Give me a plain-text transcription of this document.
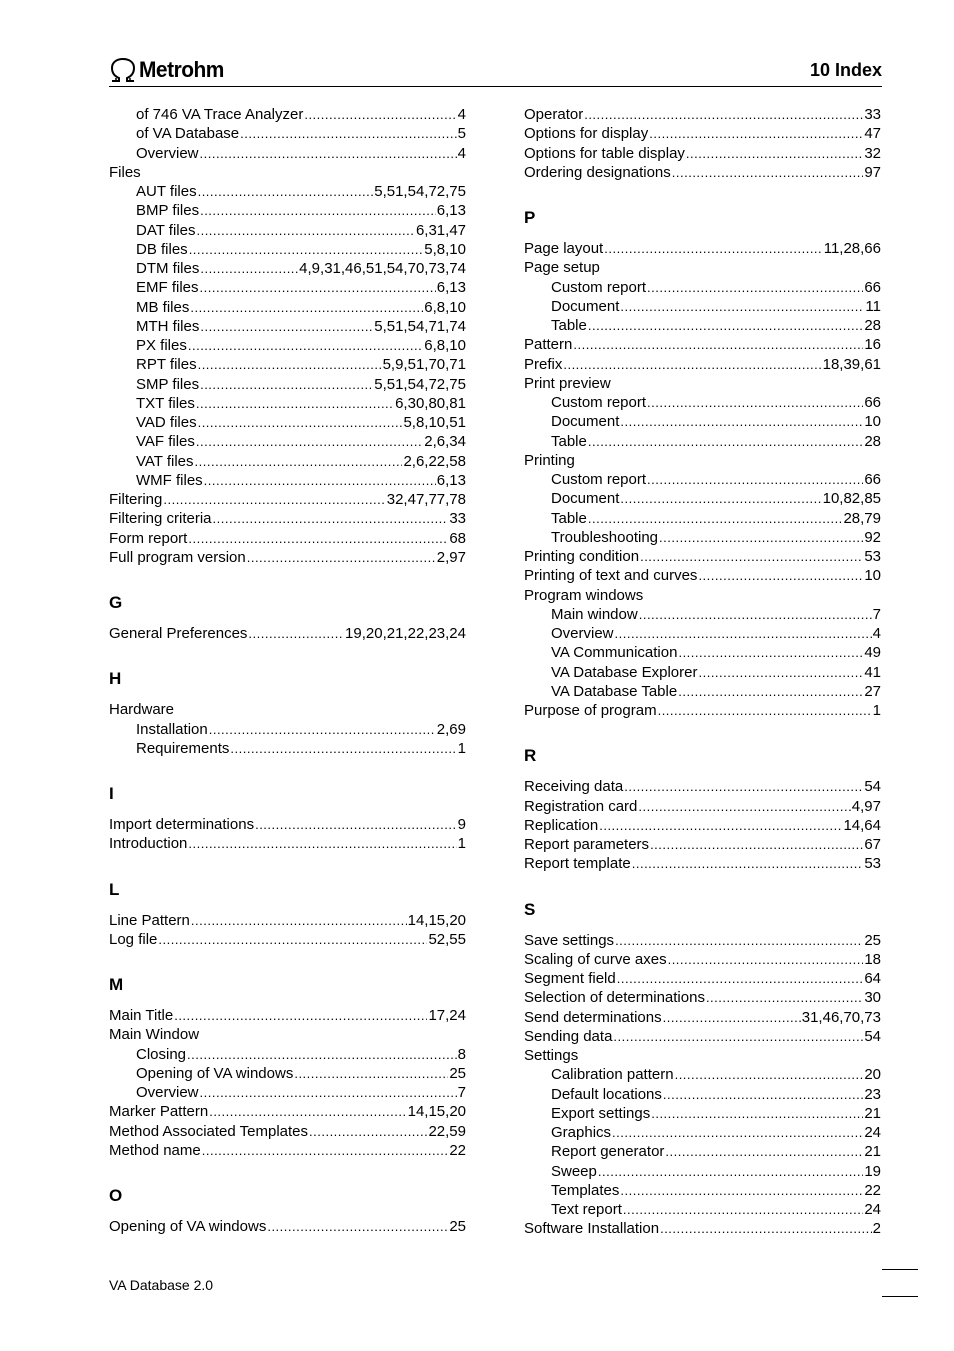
Metrohm	10 Index
of 746 VA Trace Analyzer .....	4
of VA Database .....	5
Overview .....	4
Files
AUT files .....	5,51,54,72,75
BMP files .....	6,13
DAT files .....	6,31,47
DB files .....	5,8,10
DTM files .....	4,9,31,46,51,54,70,73,74
EMF files .....	6,13
MB files .....	6,8,10
MTH files .....	5,51,54,71,74
PX files .....	6,8,10
RPT files .....	5,9,51,70,71
SMP files .....	5,51,54,72,75
TXT files .....	6,30,80,81
VAD files .....	5,8,10,51
VAF files .....	2,6,34
VAT files .....	2,6,22,58
WMF files .....	6,13
Filtering .....	32,47,77,78
Filtering criteria .....	33
Form report .....	68
Full program version .....	2,97
G
General Preferences .....	19,20,21,22,23,24
H
Hardware
Installation .....	2,69
Requirements .....	1
I
Import determinations .....	9
Introduction .....	1
L
Line Pattern .....	14,15,20
Log file .....	52,55
M
Main Title .....	17,24
Main Window
Closing .....	8
Opening of VA windows .....	25
Overview .....	7
Marker Pattern .....	14,15,20
Method Associated Templates .....	22,59
Method name .....	22
O
Opening of VA windows .....	25
Operator .....	33
Options for display .....	47
Options for table display .....	32
Ordering designations .....	97
P
Page layout .....	11,28,66
Page setup
Custom report .....	66
Document .....	11
Table .....	28
Pattern .....	16
Prefix .....	18,39,61
Print preview
Custom report .....	66
Document .....	10
Table .....	28
Printing
Custom report .....	66
Document .....	10,82,85
Table .....	28,79
Troubleshooting .....	92
Printing condition .....	53
Printing of text and curves .....	10
Program windows
Main window .....	7
Overview .....	4
VA Communication .....	49
VA Database Explorer .....	41
VA Database Table .....	27
Purpose of program .....	1
R
Receiving data .....	54
Registration card .....	4,97
Replication .....	14,64
Report parameters .....	67
Report template .....	53
S
Save settings .....	25
Scaling of curve axes .....	18
Segment field .....	64
Selection of determinations .....	30
Send determinations .....	31,46,70,73
Sending data .....	54
Settings
Calibration pattern .....	20
Default locations .....	23
Export settings .....	21
Graphics .....	24
Report generator .....	21
Sweep .....	19
Templates .....	22
Text report .....	24
Software Installation .....	2
VA Database 2.0
